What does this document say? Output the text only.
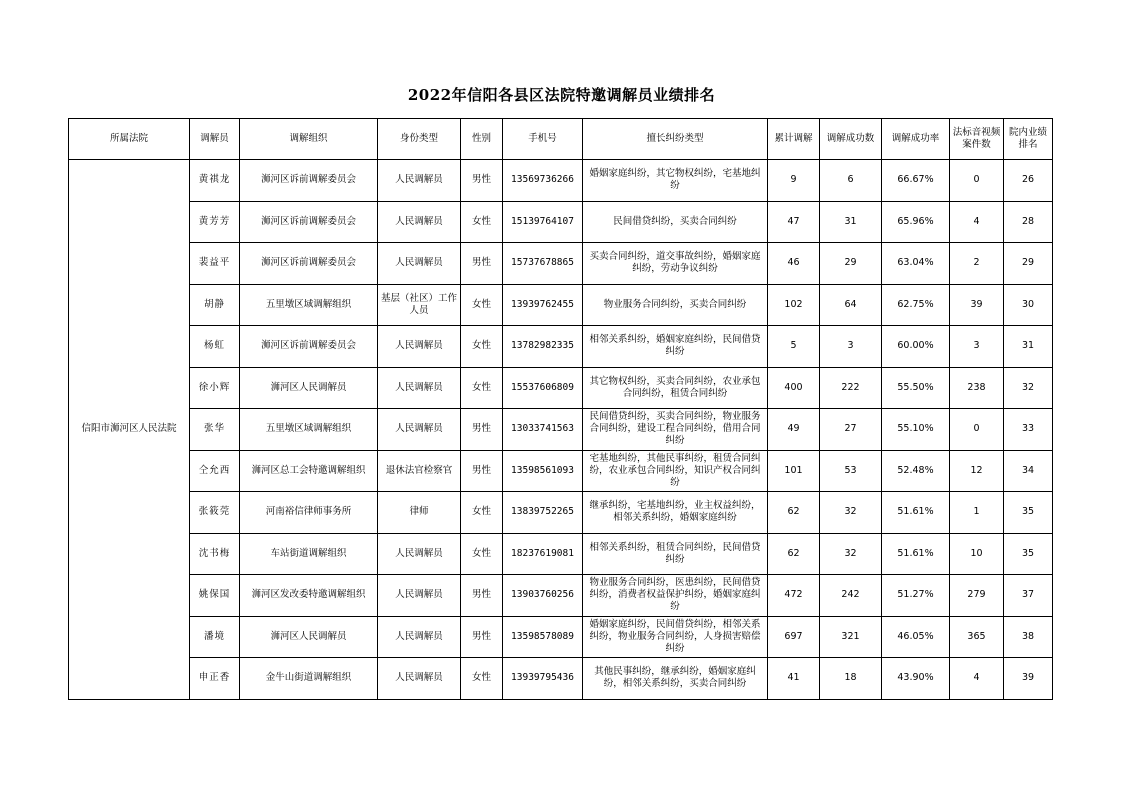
2022年信阳各县区法院特邀调解员业绩排名
所属法院	调解员	调解组织	身份类型	性别	手机号	擅长纠纷类型	累计调解	调解成功数	调解成功率	法标音视频案件数	院内业绩排名
信阳市浉河区人民法院	黄祺龙	浉河区诉前调解委员会	人民调解员	男性	13569736266	婚姻家庭纠纷，其它物权纠纷，宅基地纠纷	9	6	66.67%	0	26
	黄芳芳	浉河区诉前调解委员会	人民调解员	女性	15139764107	民间借贷纠纷，买卖合同纠纷	47	31	65.96%	4	28
	裴益平	浉河区诉前调解委员会	人民调解员	男性	15737678865	买卖合同纠纷，道交事故纠纷，婚姻家庭纠纷，劳动争议纠纷	46	29	63.04%	2	29
	胡静	五里墩区域调解组织	基层（社区）工作人员	女性	13939762455	物业服务合同纠纷，买卖合同纠纷	102	64	62.75%	39	30
	杨虹	浉河区诉前调解委员会	人民调解员	女性	13782982335	相邻关系纠纷，婚姻家庭纠纷，民间借贷纠纷	5	3	60.00%	3	31
	徐小辉	浉河区人民调解员	人民调解员	女性	15537606809	其它物权纠纷，买卖合同纠纷，农业承包合同纠纷，租赁合同纠纷	400	222	55.50%	238	32
	张华	五里墩区域调解组织	人民调解员	男性	13033741563	民间借贷纠纷，买卖合同纠纷，物业服务合同纠纷，建设工程合同纠纷，借用合同纠纷	49	27	55.10%	0	33
	仝允西	浉河区总工会特邀调解组织	退休法官检察官	男性	13598561093	宅基地纠纷，其他民事纠纷，租赁合同纠纷，农业承包合同纠纷，知识产权合同纠纷	101	53	52.48%	12	34
	张筱莞	河南裕信律师事务所	律师	女性	13839752265	继承纠纷，宅基地纠纷，业主权益纠纷，相邻关系纠纷，婚姻家庭纠纷	62	32	51.61%	1	35
	沈书梅	车站街道调解组织	人民调解员	女性	18237619081	相邻关系纠纷，租赁合同纠纷，民间借贷纠纷	62	32	51.61%	10	35
	姚保国	浉河区发改委特邀调解组织	人民调解员	男性	13903760256	物业服务合同纠纷，医患纠纷，民间借贷纠纷，消费者权益保护纠纷，婚姻家庭纠纷	472	242	51.27%	279	37
	潘境	浉河区人民调解员	人民调解员	男性	13598578089	婚姻家庭纠纷，民间借贷纠纷，相邻关系纠纷，物业服务合同纠纷，人身损害赔偿纠纷	697	321	46.05%	365	38
	申正香	金牛山街道调解组织	人民调解员	女性	13939795436	其他民事纠纷，继承纠纷，婚姻家庭纠纷，相邻关系纠纷，买卖合同纠纷	41	18	43.90%	4	39
